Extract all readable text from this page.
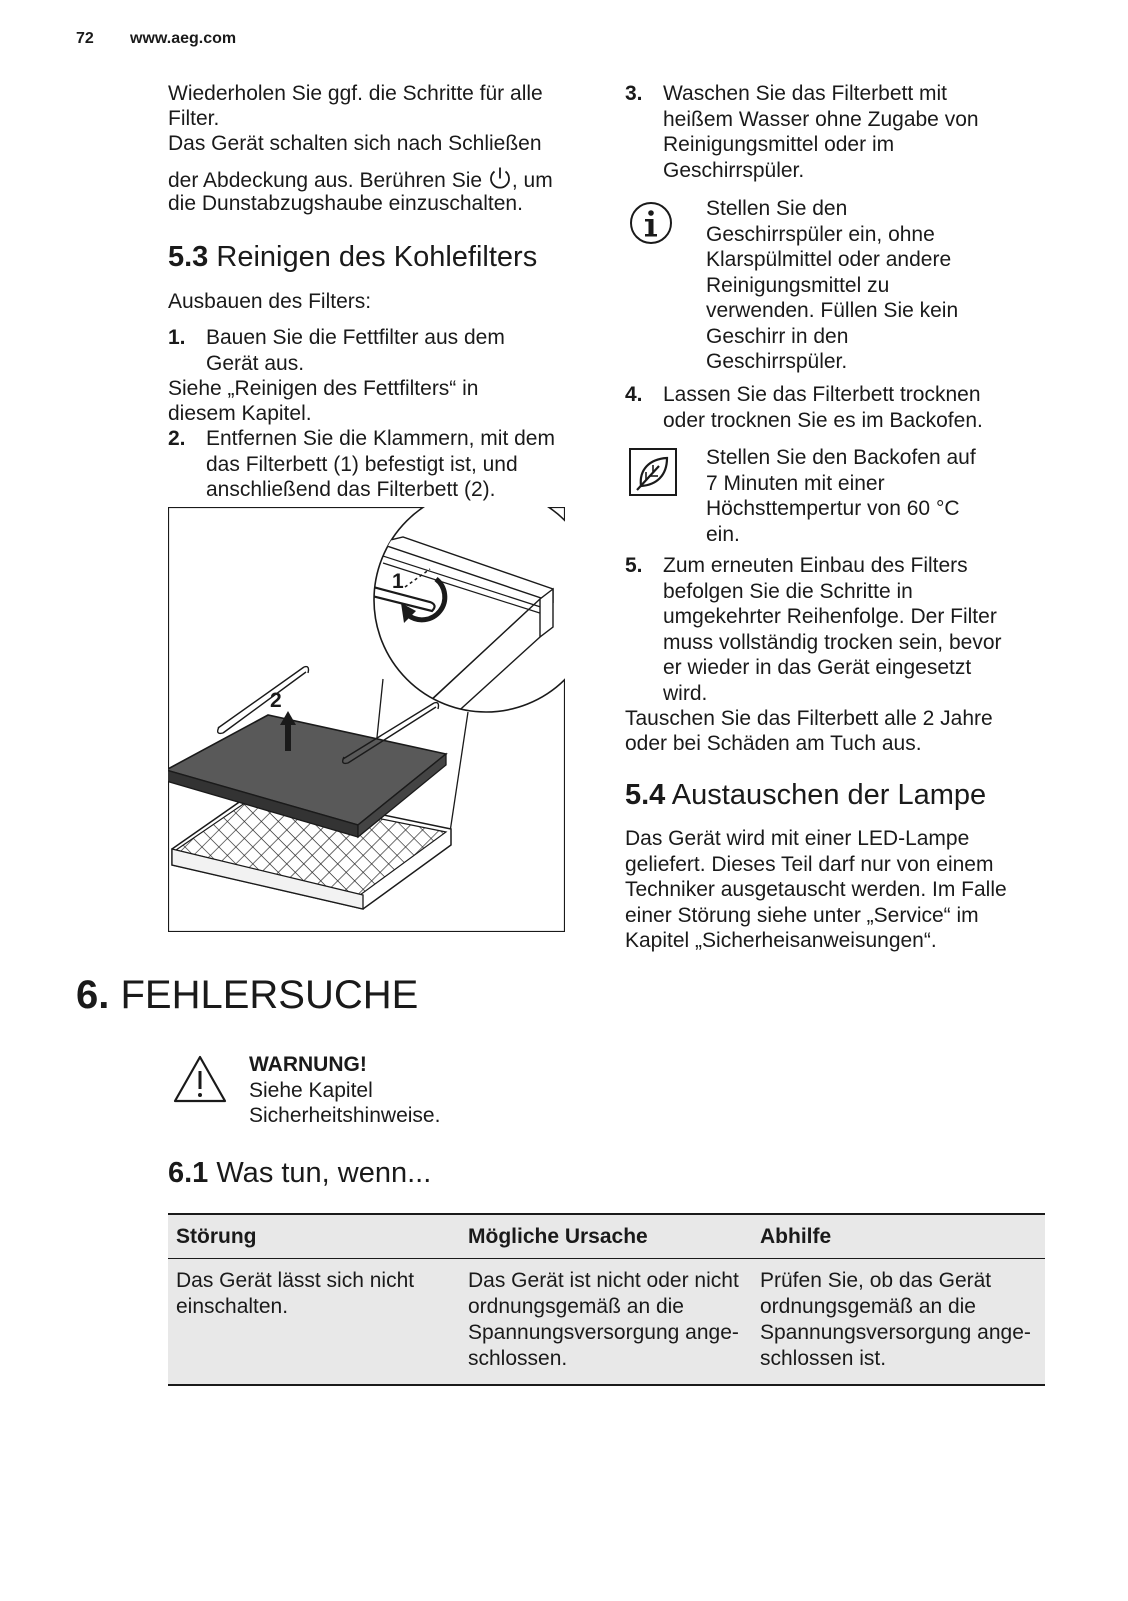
72 www.aeg.com
Wiederholen Sie ggf. die Schritte für alle
Filter.
Das Gerät schalten sich nach Schließen
der Abdeckung aus. Berühren Sie , um
die Dunstabzugshaube einzuschalten.
5.3 Reinigen des Kohlefilters
Ausbauen des Filters:
1. Bauen Sie die Fettfilter aus dem
Gerät aus.
Siehe „Reinigen des Fettfilters“ in
diesem Kapitel.
2. Entfernen Sie die Klammern, mit dem
das Filterbett (1) befestigt ist, und
anschließend das Filterbett (2).
2
1
3. Waschen Sie das Filterbett mit
heißem Wasser ohne Zugabe von
Reinigungsmittel oder im
Geschirrspüler.
Stellen Sie den
Geschirrspüler ein, ohne
Klarspülmittel oder andere
Reinigungsmittel zu
verwenden. Füllen Sie kein
Geschirr in den
Geschirrspüler.
4. Lassen Sie das Filterbett trocknen
oder trocknen Sie es im Backofen.
Stellen Sie den Backofen auf
7 Minuten mit einer
Höchsttempertur von 60 °C
ein.
5. Zum erneuten Einbau des Filters
befolgen Sie die Schritte in
umgekehrter Reihenfolge. Der Filter
muss vollständig trocken sein, bevor
er wieder in das Gerät eingesetzt
wird.
Tauschen Sie das Filterbett alle 2 Jahre
oder bei Schäden am Tuch aus.
5.4 Austauschen der Lampe
Das Gerät wird mit einer LED-Lampe
geliefert. Dieses Teil darf nur von einem
Techniker ausgetauscht werden. Im Falle
einer Störung siehe unter „Service“ im
Kapitel „Sicherheisanweisungen“.
6. FEHLERSUCHE
WARNUNG!
Siehe Kapitel
Sicherheitshinweise.
6.1 Was tun, wenn...
Störung	Mögliche Ursache	Abhilfe
Das Gerät lässt sich nicht einschalten.	Das Gerät ist nicht oder nicht ordnungsgemäß an die Spannungsversorgung ange-schlossen.	Prüfen Sie, ob das Gerät ordnungsgemäß an die Spannungsversorgung ange-schlossen ist.
